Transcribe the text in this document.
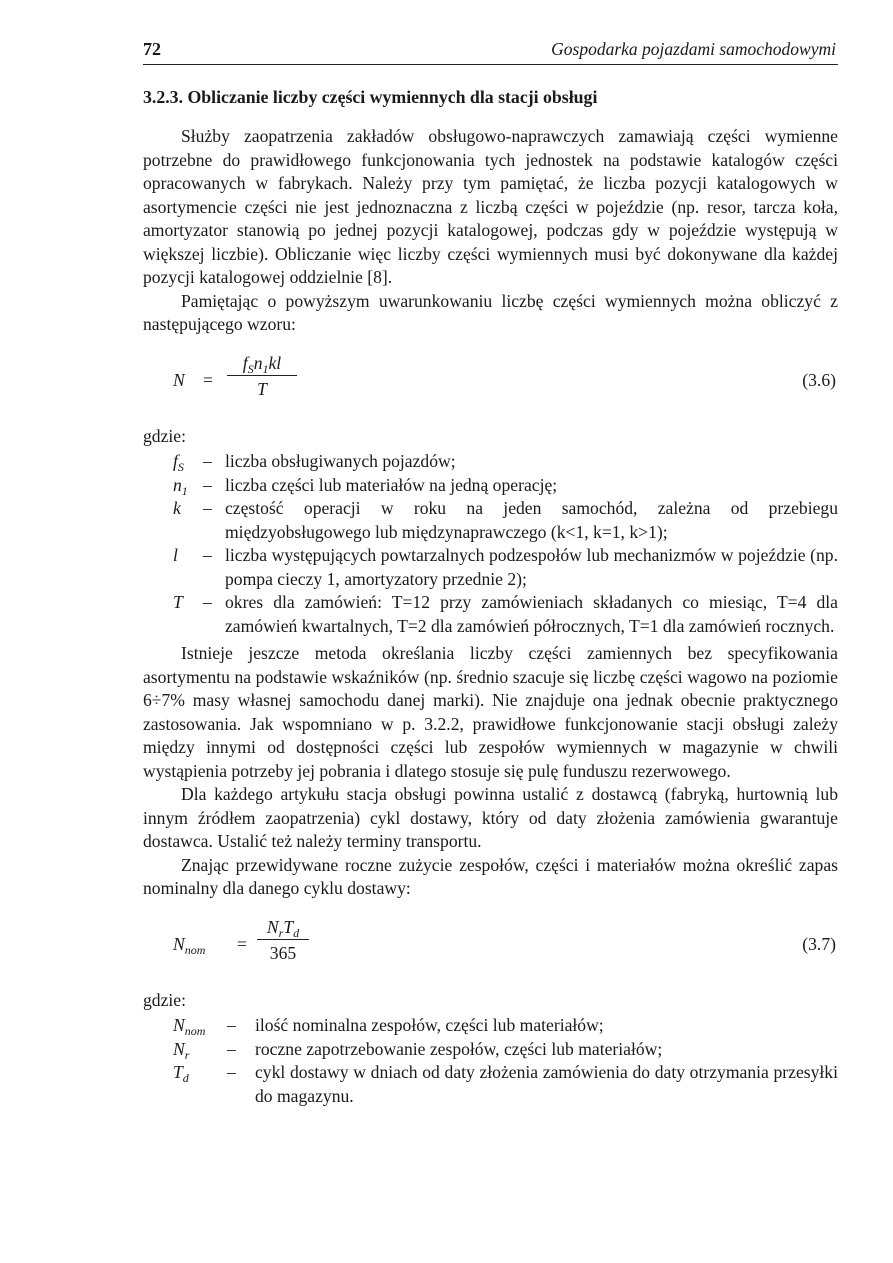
72	Gospodarka pojazdami samochodowymi
3.2.3. Obliczanie liczby części wymiennych dla stacji obsługi

Służby zaopatrzenia zakładów obsługowo-naprawczych zamawiają części wymienne potrzebne do prawidłowego funkcjonowania tych jednostek na podstawie katalogów części opracowanych w fabrykach. Należy przy tym pamiętać, że liczba pozycji katalogowych w asortymencie części nie jest jednoznaczna z liczbą części w pojeździe (np. resor, tarcza koła, amortyzator stanowią po jednej pozycji katalogowej, podczas gdy w pojeździe występują w większej liczbie). Obliczanie więc liczby części wymiennych musi być dokonywane dla każdej pozycji katalogowej oddzielnie [8].

Pamiętając o powyższym uwarunkowaniu liczbę części wymiennych można obliczyć z następującego wzoru:

N =
$f_Sn_1kl$
T	(3.6)

gdzie:

$f_S$	– liczba obsługiwanych pojazdów;
$n_1$ – liczba części lub materiałów na jedną operację;
k	– częstość operacji w roku na jeden samochód, zależna od przebiegu międzyobsługowego lub międzynaprawczego (k<1, k=1, k>1);
l	– liczba występujących powtarzalnych podzespołów lub mechanizmów w pojeździe (np. pompa cieczy 1, amortyzatory przednie 2);
T	– okres dla zamówień: T=12 przy zamówieniach składanych co miesiąc, T=4 dla zamówień kwartalnych, T=2 dla zamówień półrocznych, T=1 dla zamówień rocznych.

Istnieje jeszcze metoda określania liczby części zamiennych bez specyfikowania asortymentu na podstawie wskaźników (np. średnio szacuje się liczbę części wagowo na poziomie 6÷7% masy własnej samochodu danej marki). Nie znajduje ona jednak obecnie praktycznego zastosowania. Jak wspomniano w p. 3.2.2, prawidłowe funkcjonowanie stacji obsługi zależy między innymi od dostępności części lub zespołów wymiennych w magazynie w chwili wystąpienia potrzeby jej pobrania i dlatego stosuje się pulę funduszu rezerwowego.

Dla każdego artykułu stacja obsługi powinna ustalić z dostawcą (fabryką, hurtownią lub innym źródłem zaopatrzenia) cykl dostawy, który od daty złożenia zamówienia gwarantuje dostawca. Ustalić też należy terminy transportu.

Znając przewidywane roczne zużycie zespołów, części i materiałów można określić zapas nominalny dla danego cyklu dostawy:

$N_{nom}$ =
$N_rT_d$
365	(3.7)

gdzie:

$N_{nom}$	–	ilość nominalna zespołów, części lub materiałów;
$N_r$	–	roczne zapotrzebowanie zespołów, części lub materiałów;
$T_d$	–	cykl dostawy w dniach od daty złożenia zamówienia do daty otrzymania przesyłki do magazynu.
